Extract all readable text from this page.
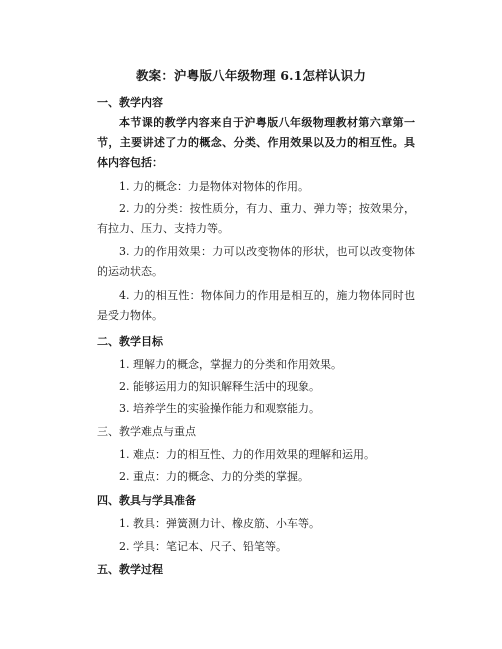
教案：沪粤版八年级物理 6.1怎样认识力
一、教学内容
本节课的教学内容来自于沪粤版八年级物理教材第六章第一节，主要讲述了力的概念、分类、作用效果以及力的相互性。具体内容包括：
1. 力的概念：力是物体对物体的作用。
2. 力的分类：按性质分，有力、重力、弹力等；按效果分，有拉力、压力、支持力等。
3. 力的作用效果：力可以改变物体的形状，也可以改变物体的运动状态。
4. 力的相互性：物体间力的作用是相互的，施力物体同时也是受力物体。
二、教学目标
1. 理解力的概念，掌握力的分类和作用效果。
2. 能够运用力的知识解释生活中的现象。
3. 培养学生的实验操作能力和观察能力。
三、教学难点与重点
1. 难点：力的相互性、力的作用效果的理解和运用。
2. 重点：力的概念、力的分类的掌握。
四、教具与学具准备
1. 教具：弹簧测力计、橡皮筋、小车等。
2. 学具：笔记本、尺子、铅笔等。
五、教学过程
